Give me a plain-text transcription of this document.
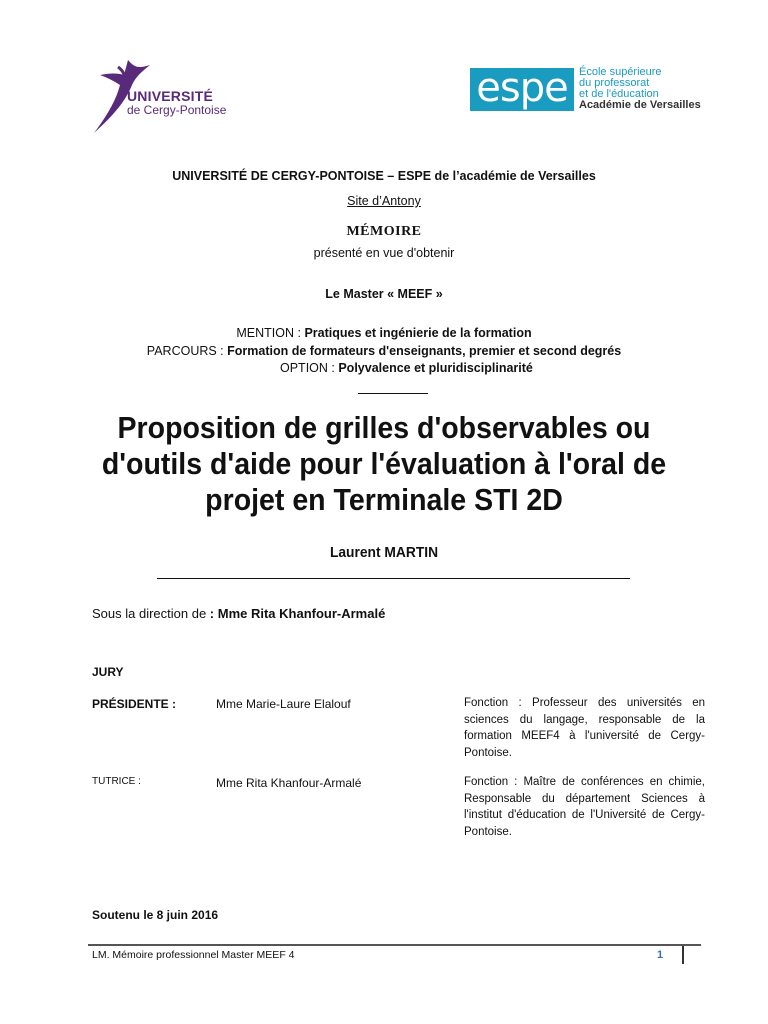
UNIVERSITÉ
de Cergy-Pontoise	espe	École supérieure
du professorat
et de l'éducation
Académie de Versailles
UNIVERSITÉ DE CERGY-PONTOISE – ESPE de l’académie de Versailles
Site d’Antony
MÉMOIRE
présenté en vue d'obtenir
Le Master « MEEF »
MENTION : Pratiques et ingénierie de la formation
PARCOURS : Formation de formateurs d'enseignants, premier et second degrés
OPTION : Polyvalence et pluridisciplinarité
Proposition de grilles d'observables ou d'outils d'aide pour l'évaluation à l'oral de projet en Terminale STI 2D
Laurent MARTIN
Sous la direction de : Mme Rita Khanfour-Armalé
JURY
PRÉSIDENTE :	Mme Marie-Laure Elalouf	Fonction : Professeur des universités en sciences du langage, responsable de la formation MEEF4 à l'université de Cergy-Pontoise.
TUTRICE :	Mme Rita Khanfour-Armalé	Fonction : Maître de conférences en chimie, Responsable du département Sciences à l'institut d'éducation de l'Université de Cergy-Pontoise.
Soutenu le 8 juin 2016
LM. Mémoire professionnel Master MEEF 4	1
